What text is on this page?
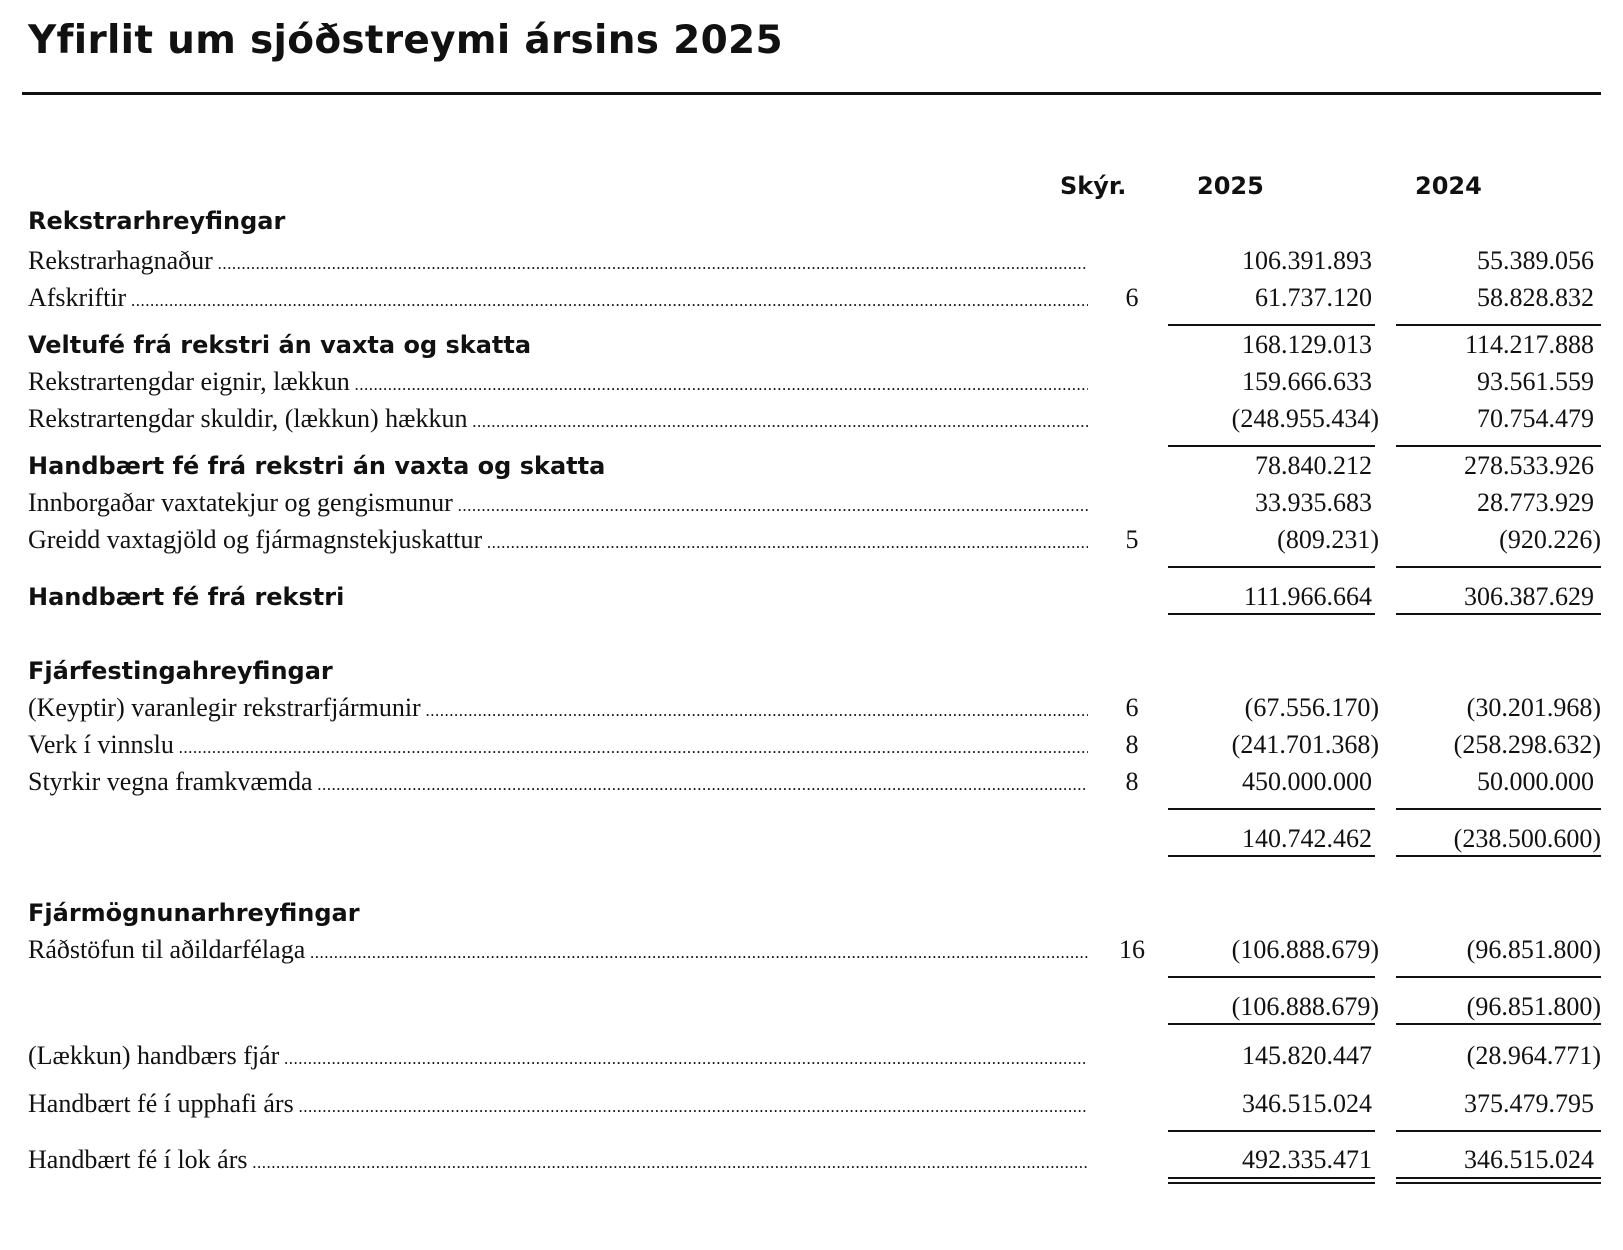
Yfirlit um sjóðstreymi ársins 2025
Skýr.	2025	2024
Rekstrarhreyfingar
Rekstrarhagnaður .....	106.391.893	55.389.056
Afskriftir .....	6	61.737.120	58.828.832
Veltufé frá rekstri án vaxta og skatta	168.129.013	114.217.888
Rekstrartengdar eignir, lækkun .....	159.666.633	93.561.559
Rekstrartengdar skuldir, (lækkun) hækkun .....	(248.955.434)	70.754.479
Handbært fé frá rekstri án vaxta og skatta	78.840.212	278.533.926
Innborgaðar vaxtatekjur og gengismunur .....	33.935.683	28.773.929
Greidd vaxtagjöld og fjármagnstekjuskattur .....	5	(809.231)	(920.226)
Handbært fé frá rekstri	111.966.664	306.387.629
Fjárfestingahreyfingar
(Keyptir) varanlegir rekstrarfjármunir .....	6	(67.556.170)	(30.201.968)
Verk í vinnslu .....	8	(241.701.368)	(258.298.632)
Styrkir vegna framkvæmda .....	8	450.000.000	50.000.000
140.742.462	(238.500.600)
Fjármögnunarhreyfingar
Ráðstöfun til aðildarfélaga .....	16	(106.888.679)	(96.851.800)
(106.888.679)	(96.851.800)
(Lækkun) handbærs fjár .....	145.820.447	(28.964.771)
Handbært fé í upphafi árs .....	346.515.024	375.479.795
Handbært fé í lok árs .....	492.335.471	346.515.024
